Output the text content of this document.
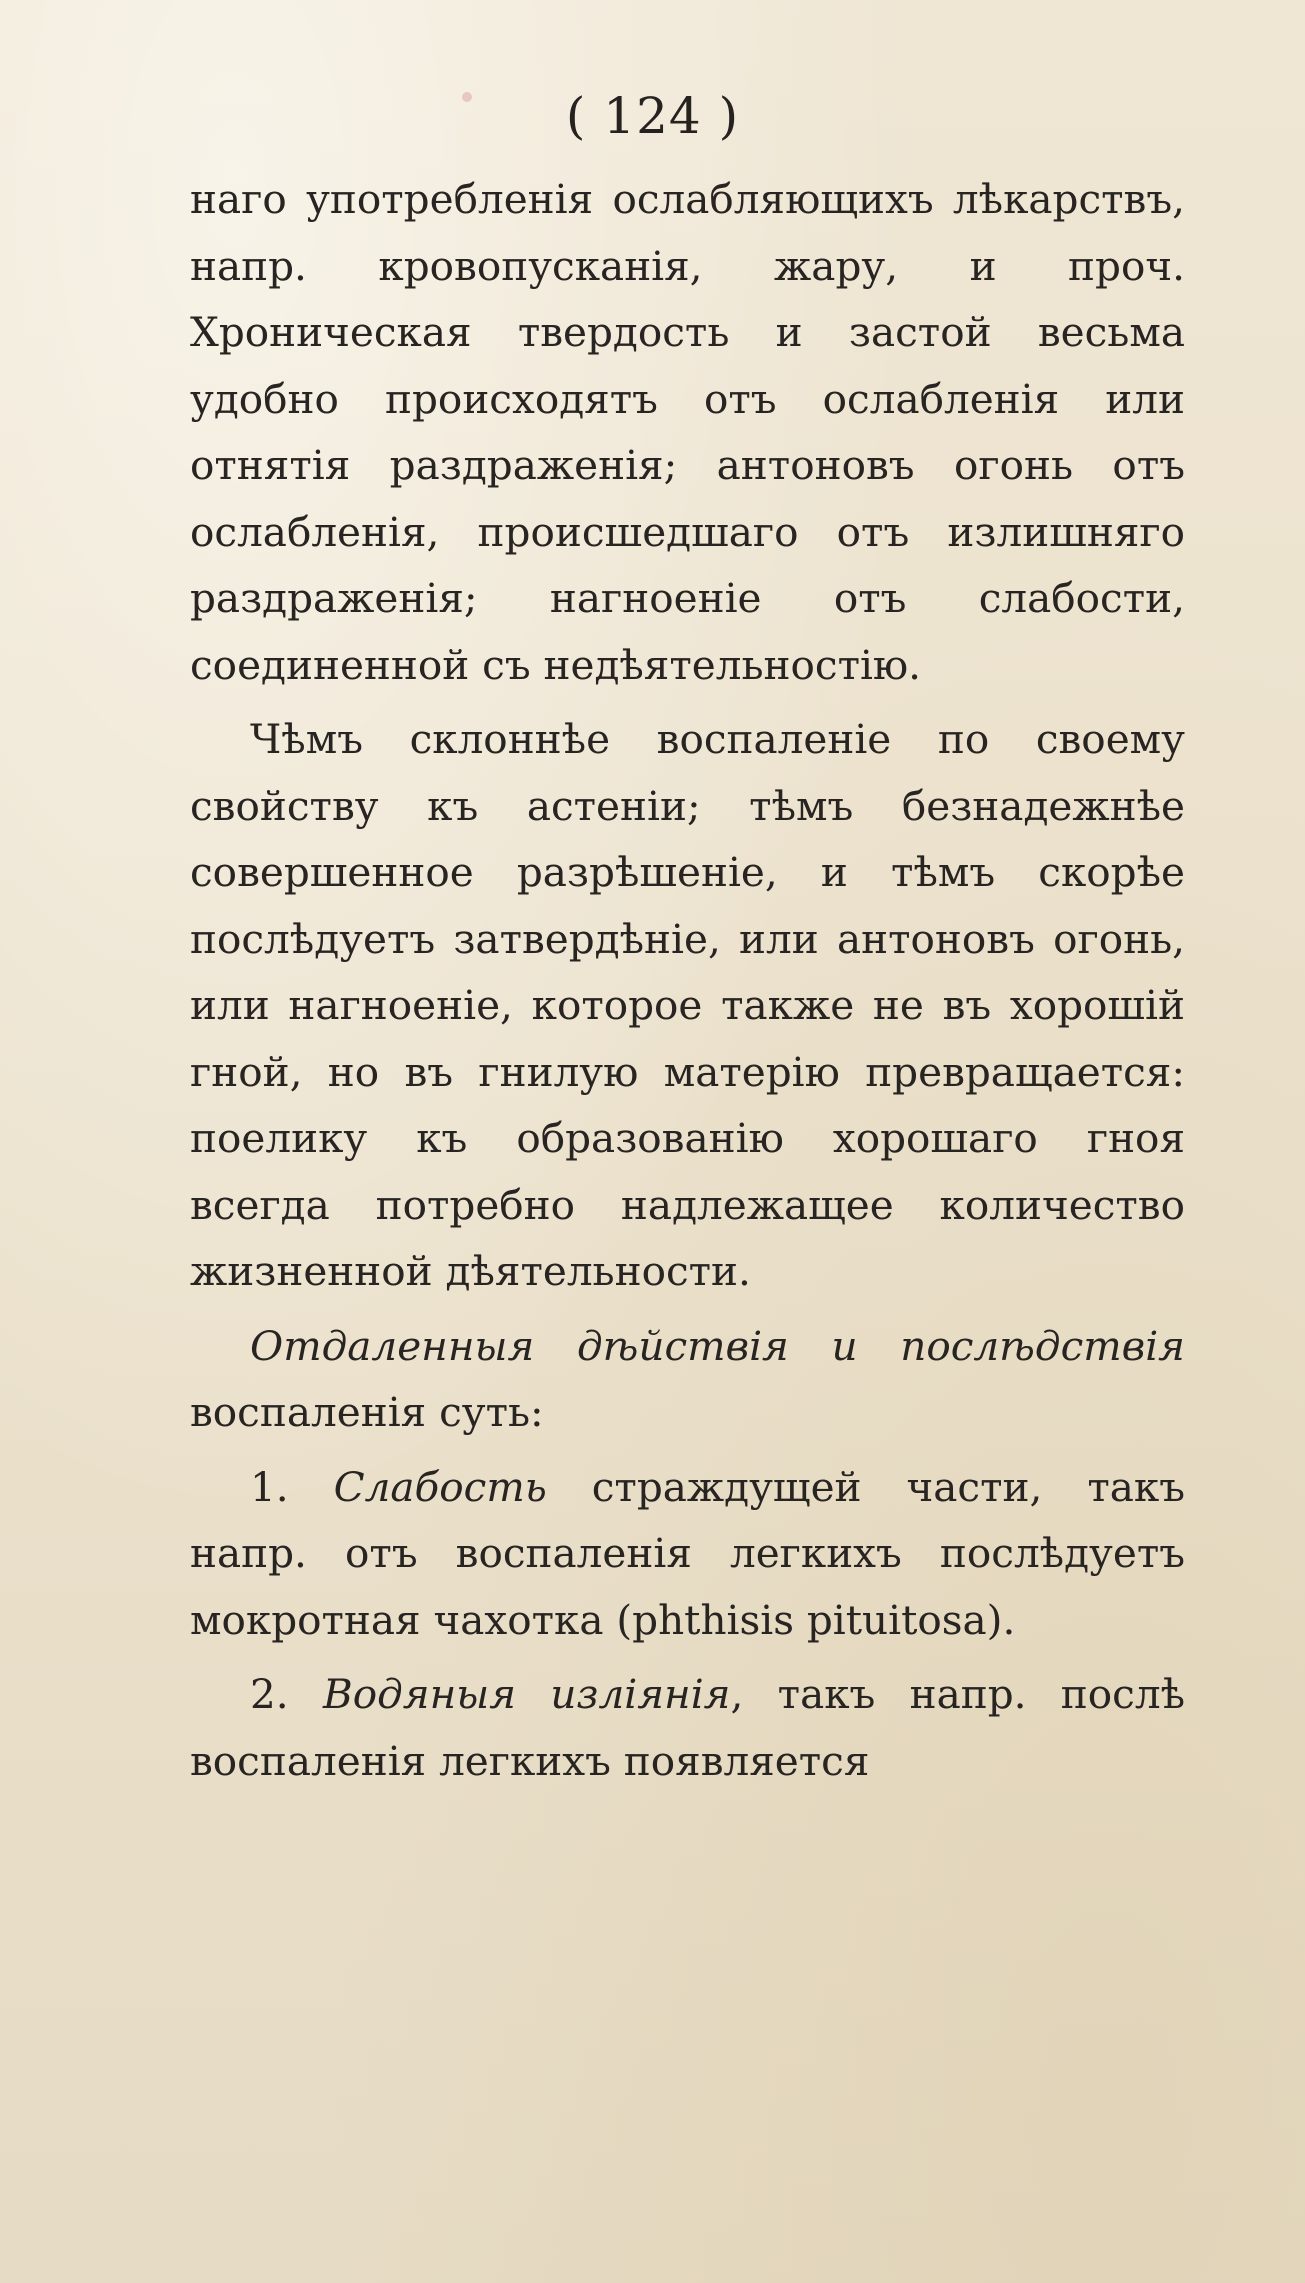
( 124 )

наго употребленія ослабляющихъ лѣкарствъ, напр. кровопусканія, жару, и проч. Хроническая твердость и застой весьма удобно происходятъ отъ ослабленія или отнятія раздраженія; антоновъ огонь отъ ослабленія, происшедшаго отъ излишняго раздраженія; нагноеніе отъ слабости, соединенной съ недѣятельностію.

Чѣмъ склоннѣе воспаленіе по своему свойству къ астеніи; тѣмъ безнадежнѣе совершенное разрѣшеніе, и тѣмъ скорѣе послѣдуетъ затвердѣніе, или антоновъ огонь, или нагноеніе, которое также не въ хорошій гной, но въ гнилую матерію превращается: поелику къ образованію хорошаго гноя всегда потребно надлежащее количество жизненной дѣятельности.

Отдаленныя дѣйствія и послѣдствія воспаленія суть:

1. Слабость страждущей части, такъ напр. отъ воспаленія легкихъ послѣдуетъ мокротная чахотка (phthisis pituitosa).

2. Водяныя изліянія, такъ напр. послѣ воспаленія легкихъ появляется
